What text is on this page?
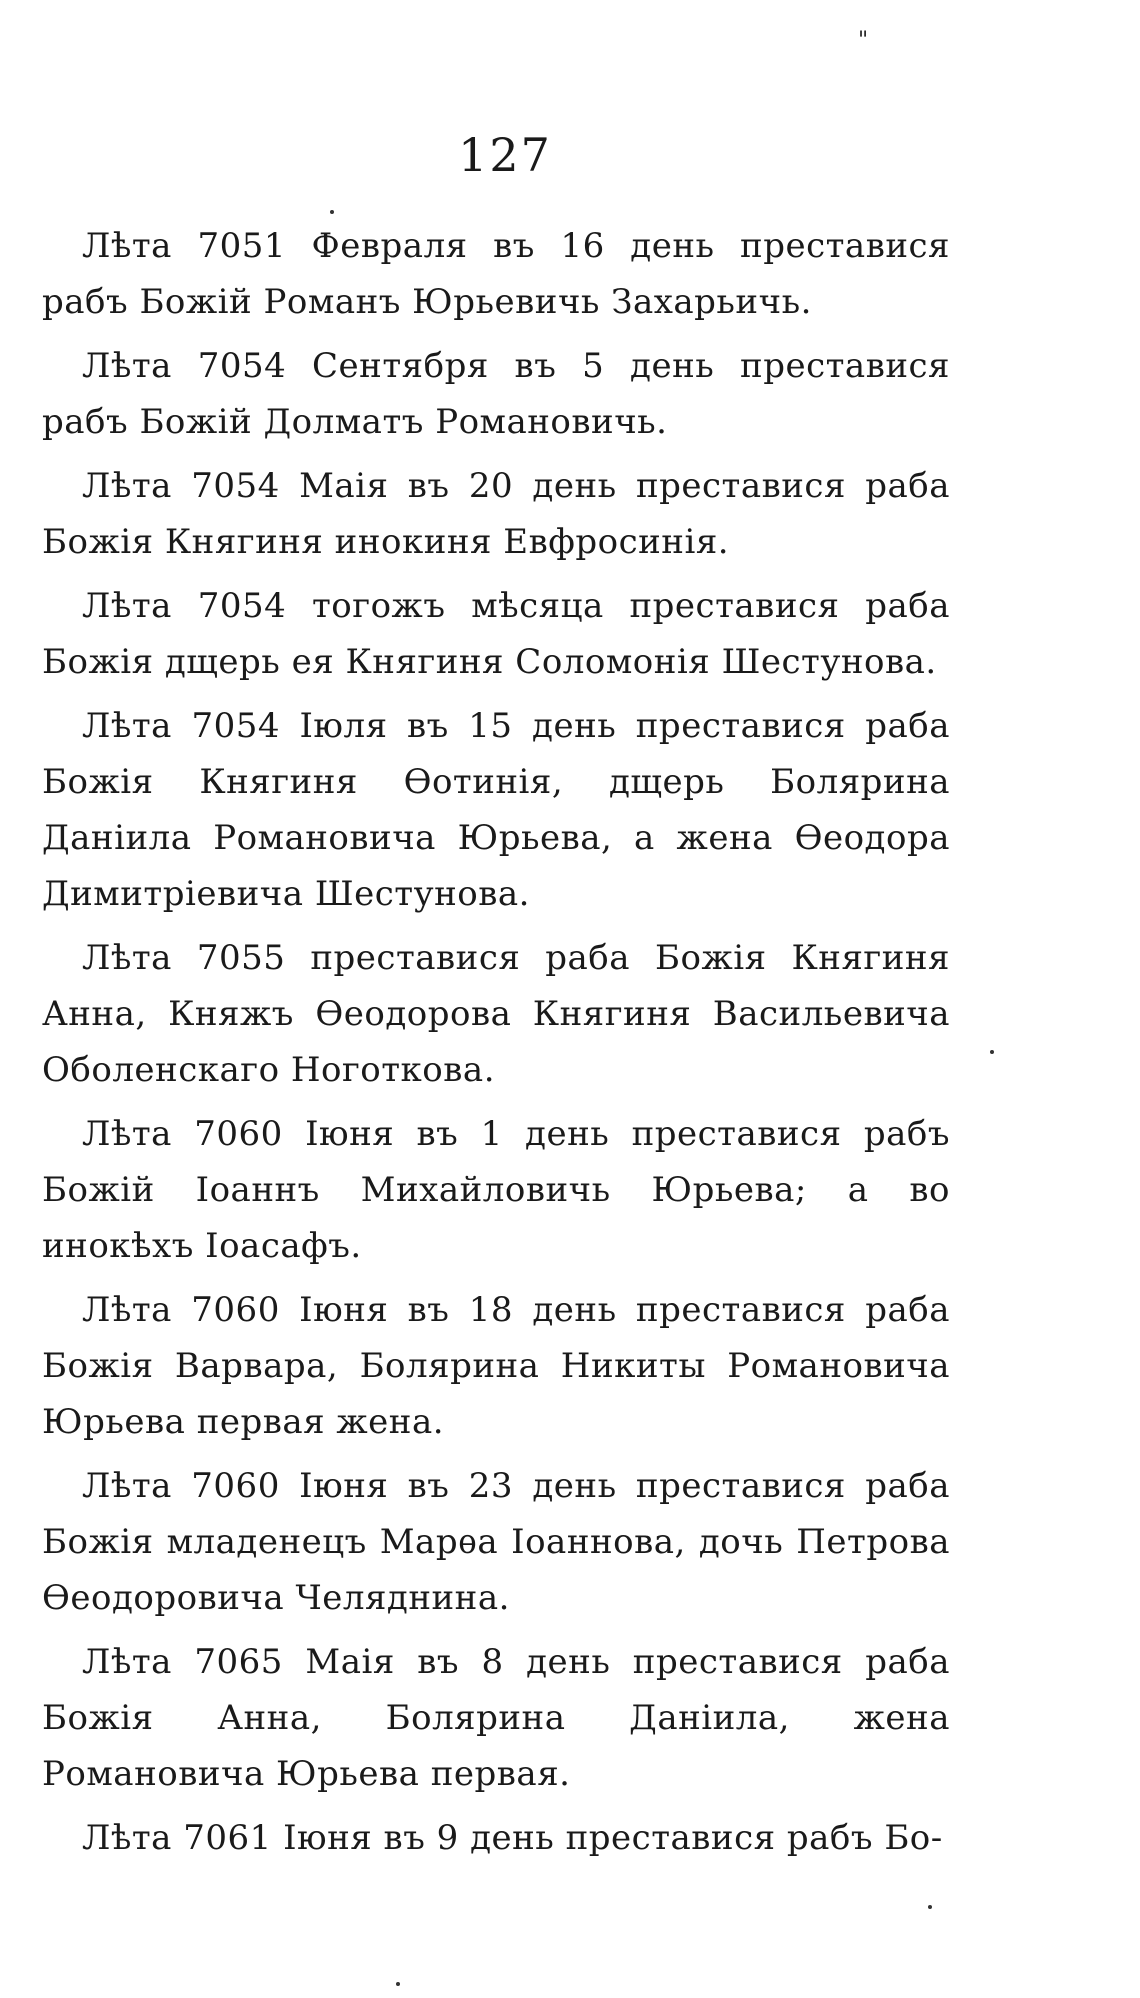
"
127

Лѣта 7051 Февраля въ 16 день преставися рабъ Божій Романъ Юрьевичь Захарьичь.

Лѣта 7054 Сентября въ 5 день преставися рабъ Божій Долматъ Романовичь.

Лѣта 7054 Маія въ 20 день преставися раба Божія Княгиня инокиня Евфросинія.

Лѣта 7054 тогожъ мѣсяца преставися раба Божія дщерь ея Княгиня Соломонія Шестунова.

Лѣта 7054 Іюля въ 15 день преставися раба Божія Княгиня Ѳотинія, дщерь Болярина Даніила Романовича Юрьева, а жена Ѳеодора Димитріевича Шестунова.

Лѣта 7055 преставися раба Божія Княгиня Анна, Княжъ Ѳеодорова Княгиня Васильевича Оболенскаго Ноготкова.

Лѣта 7060 Іюня въ 1 день преставися рабъ Божій Іоаннъ Михайловичь Юрьева; а во инокѣхъ Іоасафъ.

Лѣта 7060 Іюня въ 18 день преставися раба Божія Варвара, Болярина Никиты Романовича Юрьева первая жена.

Лѣта 7060 Іюня въ 23 день преставися раба Божія младенецъ Марѳа Іоаннова, дочь Петрова Ѳеодоровича Челяднина.

Лѣта 7065 Маія въ 8 день преставися раба Божія Анна, Болярина Даніила, жена Романовича Юрьева первая.

Лѣта 7061 Іюня въ 9 день преставися рабъ Бо-
